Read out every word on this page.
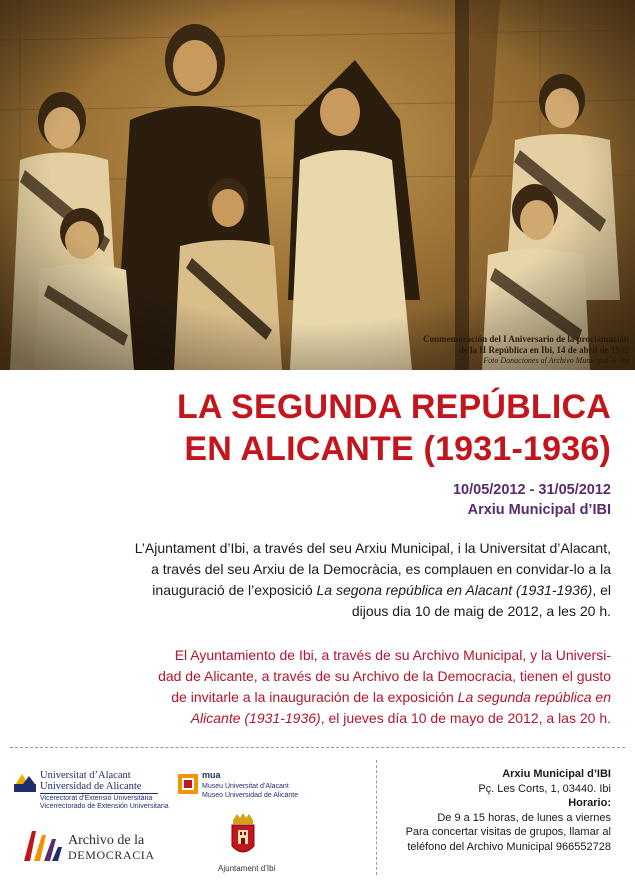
Conmemoración del I Aniversario de la proclamación
de la II República en Ibi, 14 de abril de 1932
Foto Donaciones al Archivo Municipal de Ibi
LA SEGUNDA REPÚBLICA
EN ALICANTE (1931-1936)
10/05/2012 - 31/05/2012
Arxiu Municipal d’IBI
L’Ajuntament d’Ibi, a través del seu Arxiu Municipal, i la Universitat d’Alacant,
a través del seu Arxiu de la Democràcia, es complauen en convidar-lo a la
inauguració de l’exposició La segona república en Alacant (1931-1936), el
dijous dia 10 de maig de 2012, a les 20 h.
El Ayuntamiento de Ibi, a través de su Archivo Municipal, y la Universi-
dad de Alicante, a través de su Archivo de la Democracia, tienen el gusto
de invitarle a la inauguración de la exposición La segunda república en
Alicante (1931-1936), el jueves día 10 de mayo de 2012, a las 20 h.
Universitat d’Alacant
Universidad de Alicante
Vicerectorat d’Extensió Universitària
Vicerrectorado de Extensión Universitaria
mua
Museu Universitat d’Alacant
Museo Universidad de Alicante
Archivo de la
DEMOCRACIA
Ajuntament d’Ibi
Arxiu Municipal d’IBI
Pç. Les Corts, 1, 03440. Ibi
Horario:
De 9 a 15 horas, de lunes a viernes
Para concertar visitas de grupos, llamar al
teléfono del Archivo Municipal 966552728
